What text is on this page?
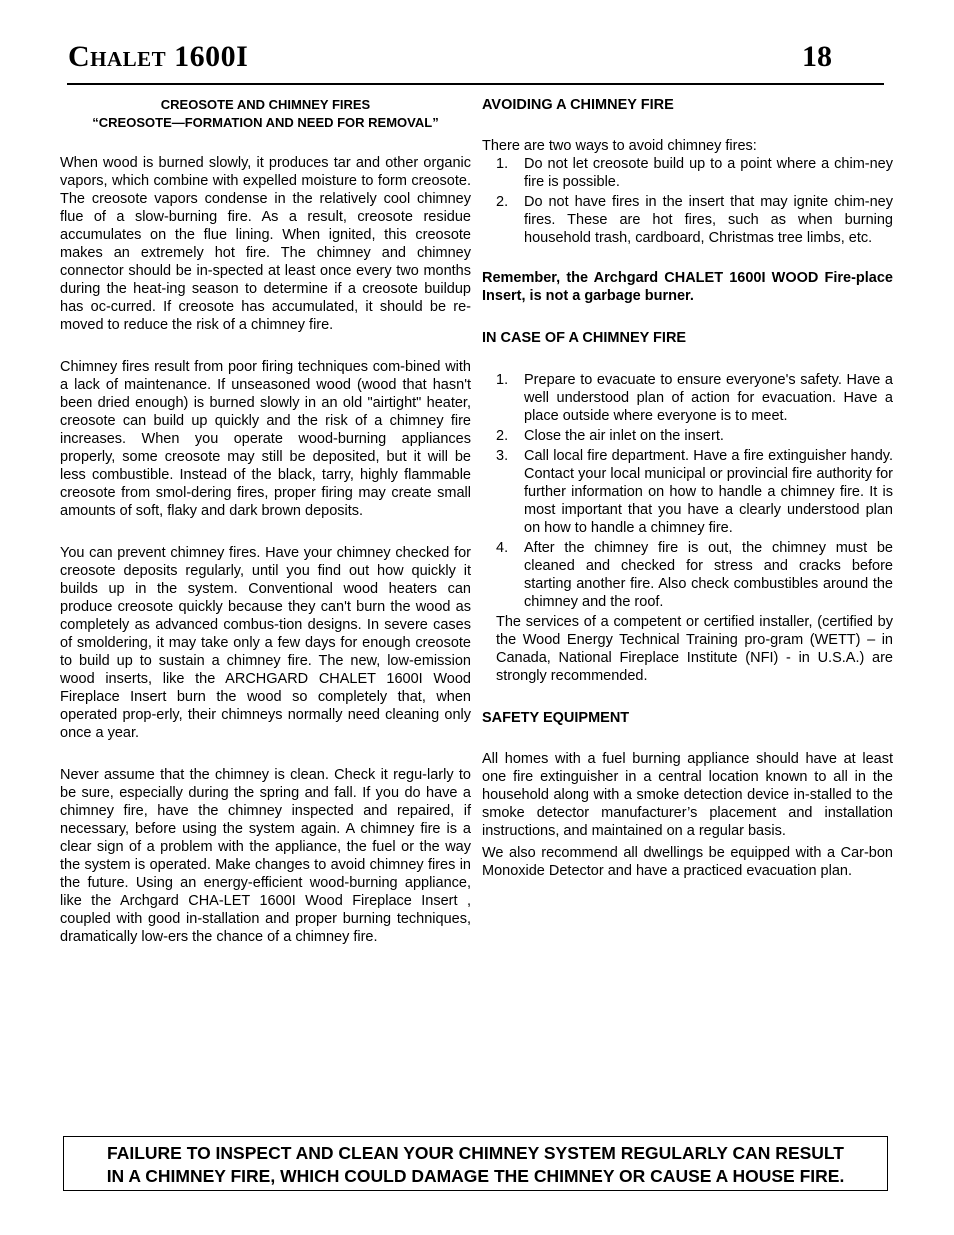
Chalet 1600I	18

CREOSOTE AND CHIMNEY FIRES

“CREOSOTE—FORMATION AND NEED FOR REMOVAL”

When wood is burned slowly, it produces tar and other organic vapors, which combine with expelled moisture to form creosote. The creosote vapors condense in the relatively cool chimney flue of a slow-burning fire. As a result, creosote residue accumulates on the flue lining. When ignited, this creosote makes an extremely hot fire. The chimney and chimney connector should be in-spected at least once every two months during the heat-ing season to determine if a creosote buildup has oc-curred. If creosote has accumulated, it should be re-moved to reduce the risk of a chimney fire.

Chimney fires result from poor firing techniques com-bined with a lack of maintenance. If unseasoned wood (wood that hasn't been dried enough) is burned slowly in an old "airtight" heater, creosote can build up quickly and the risk of a chimney fire increases. When you operate wood-burning appliances properly, some creosote may still be deposited, but it will be less combustible. Instead of the black, tarry, highly flammable creosote from smol-dering fires, proper firing may create small amounts of soft, flaky and dark brown deposits.

You can prevent chimney fires. Have your chimney checked for creosote deposits regularly, until you find out how quickly it builds up in the system. Conventional wood heaters can produce creosote quickly because they can't burn the wood as completely as advanced combus-tion designs. In severe cases of smoldering, it may take only a few days for enough creosote to build up to sustain a chimney fire. The new, low-emission wood inserts, like the ARCHGARD CHALET 1600I Wood Fireplace Insert burn the wood so completely that, when operated prop-erly, their chimneys normally need cleaning only once a year.

Never assume that the chimney is clean. Check it regu-larly to be sure, especially during the spring and fall. If you do have a chimney fire, have the chimney inspected and repaired, if necessary, before using the system again. A chimney fire is a clear sign of a problem with the appliance, the fuel or the way the system is operated. Make changes to avoid chimney fires in the future. Using an energy-efficient wood-burning appliance, like the Archgard CHA-LET 1600I Wood Fireplace Insert , coupled with good in-stallation and proper burning techniques, dramatically low-ers the chance of a chimney fire.

AVOIDING A CHIMNEY FIRE

There are two ways to avoid chimney fires:

1. Do not let creosote build up to a point where a chim-ney fire is possible.
2. Do not have fires in the insert that may ignite chim-ney fires. These are hot fires, such as when burning household trash, cardboard, Christmas tree limbs, etc.

Remember, the Archgard CHALET 1600I WOOD Fire-place Insert, is not a garbage burner.

IN CASE OF A CHIMNEY FIRE

1. Prepare to evacuate to ensure everyone's safety. Have a well understood plan of action for evacuation. Have a place outside where everyone is to meet.
2. Close the air inlet on the insert.
3. Call local fire department. Have a fire extinguisher handy. Contact your local municipal or provincial fire authority for further information on how to handle a chimney fire. It is most important that you have a clearly understood plan on how to handle a chimney fire.
4. After the chimney fire is out, the chimney must be cleaned and checked for stress and cracks before starting another fire. Also check combustibles around the chimney and the roof.

The services of a competent or certified installer, (certified by the Wood Energy Technical Training pro-gram (WETT) – in Canada, National Fireplace Institute (NFI) - in U.S.A.) are strongly recommended.

SAFETY EQUIPMENT

All homes with a fuel burning appliance should have at least one fire extinguisher in a central location known to all in the household along with a smoke detection device in-stalled to the smoke detector manufacturer’s placement and installation instructions, and maintained on a regular basis.

We also recommend all dwellings be equipped with a Car-bon Monoxide Detector and have a practiced evacuation plan.

FAILURE TO INSPECT AND CLEAN YOUR CHIMNEY SYSTEM REGULARLY CAN RESULT
IN A CHIMNEY FIRE, WHICH COULD DAMAGE THE CHIMNEY OR CAUSE A HOUSE FIRE.
